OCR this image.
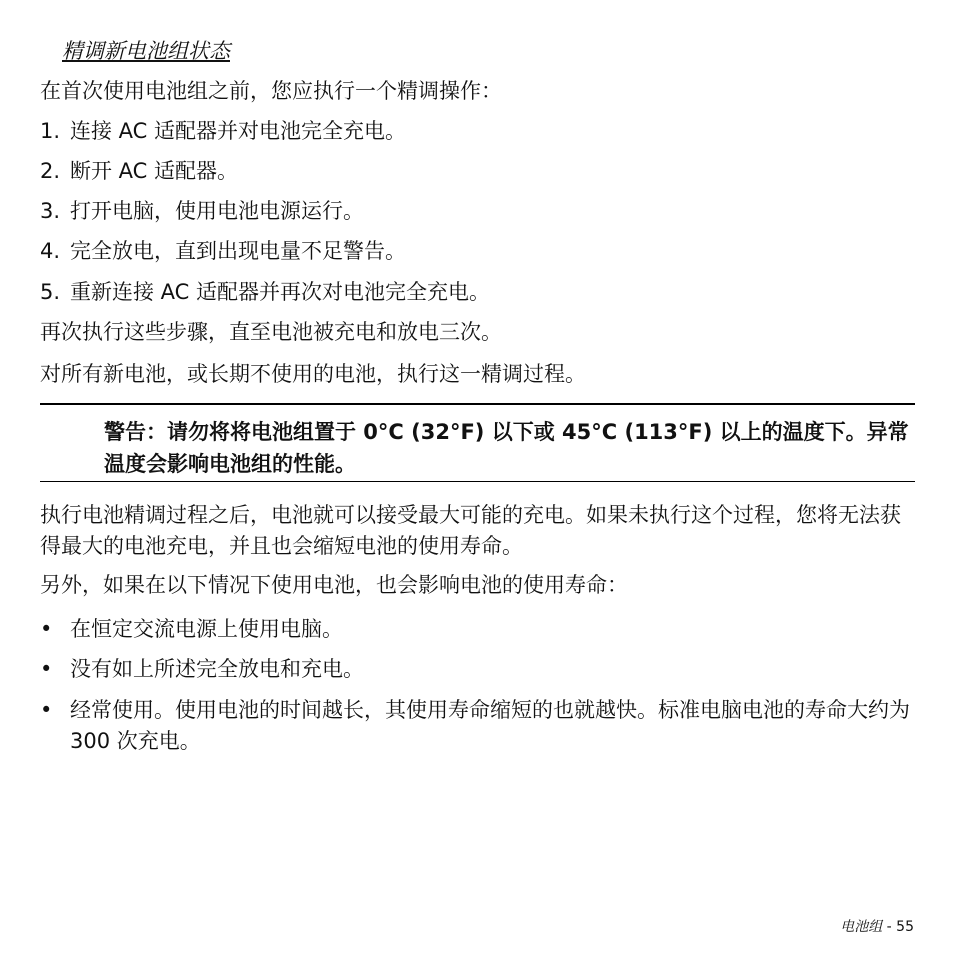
精调新电池组状态
在首次使用电池组之前，您应执行一个精调操作：
1. 连接 AC 适配器并对电池完全充电。
2. 断开 AC 适配器。
3. 打开电脑，使用电池电源运行。
4. 完全放电，直到出现电量不足警告。
5. 重新连接 AC 适配器并再次对电池完全充电。
再次执行这些步骤，直至电池被充电和放电三次。
对所有新电池，或长期不使用的电池，执行这一精调过程。
警告：请勿将将电池组置于 0°C (32°F) 以下或 45°C (113°F) 以上的温度下。异常温度会影响电池组的性能。
执行电池精调过程之后，电池就可以接受最大可能的充电。如果未执行这个过程，您将无法获得最大的电池充电，并且也会缩短电池的使用寿命。
另外，如果在以下情况下使用电池，也会影响电池的使用寿命：
• 在恒定交流电源上使用电脑。
• 没有如上所述完全放电和充电。
• 经常使用。使用电池的时间越长，其使用寿命缩短的也就越快。标准电脑电池的寿命大约为 300 次充电。
电池组 - 55
